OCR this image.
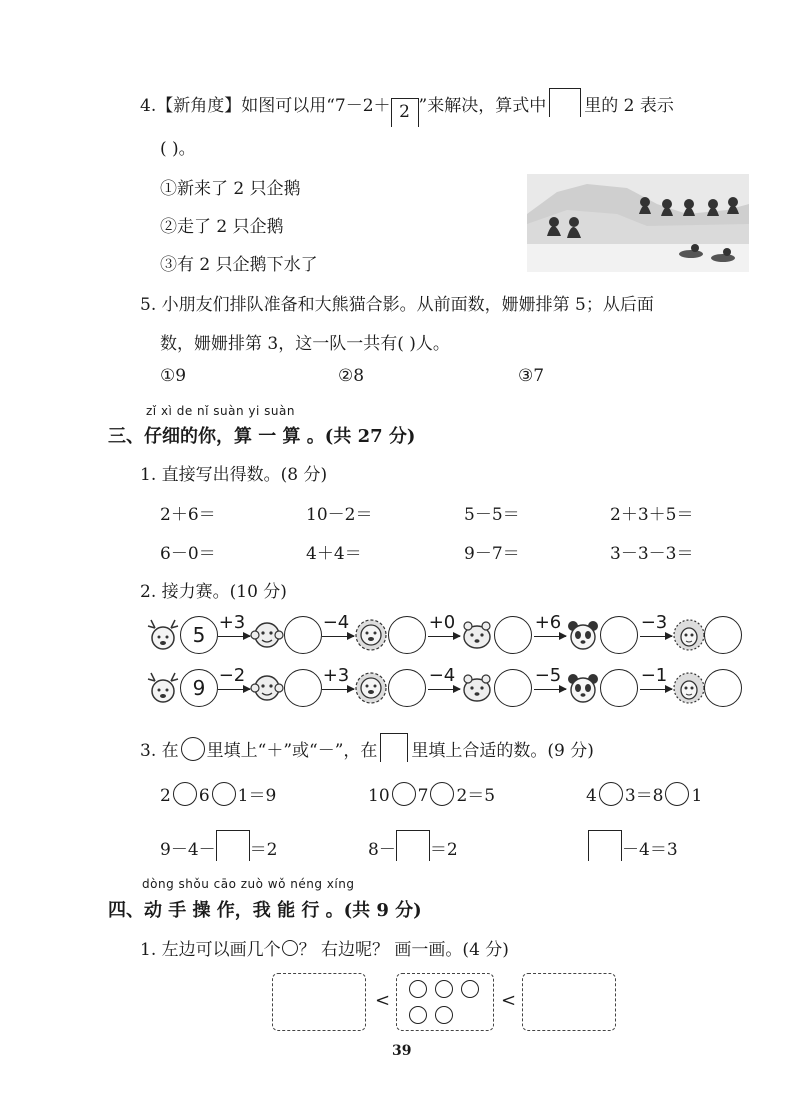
4.【新角度】如图可以用“7－2＋ 2 ”来解决，算式中 里的 2 表示
( )。
①新来了 2 只企鹅
②走了 2 只企鹅
③有 2 只企鹅下水了
5. 小朋友们排队准备和大熊猫合影。从前面数，姗姗排第 5；从后面
数，姗姗排第 3，这一队一共有( )人。
①9	②8	③7
zǐ xì de nǐ suàn yi suàn
三、仔细的你，算 一 算 。(共 27 分)
1. 直接写出得数。(8 分)
2＋6＝	10－2＝	5－5＝	2＋3＋5＝
6－0＝	4＋4＝	9－7＝	3－3－3＝
2. 接力赛。(10 分)
5
+3	−4	+0	+6	−3
9
−2	+3	−4	−5	−1
3. 在 里填上“＋”或“－”，在 里填上合适的数。(9 分)
2 6 1＝9	10 7 2＝5	4 3＝8 1
9－4－ ＝2	8－ ＝2	－4＝3
dòng shǒu cāo zuò wǒ néng xíng
四、动 手 操 作，我 能 行 。(共 9 分)
1. 左边可以画几个 ？ 右边呢？ 画一画。(4 分)
<	<
39
